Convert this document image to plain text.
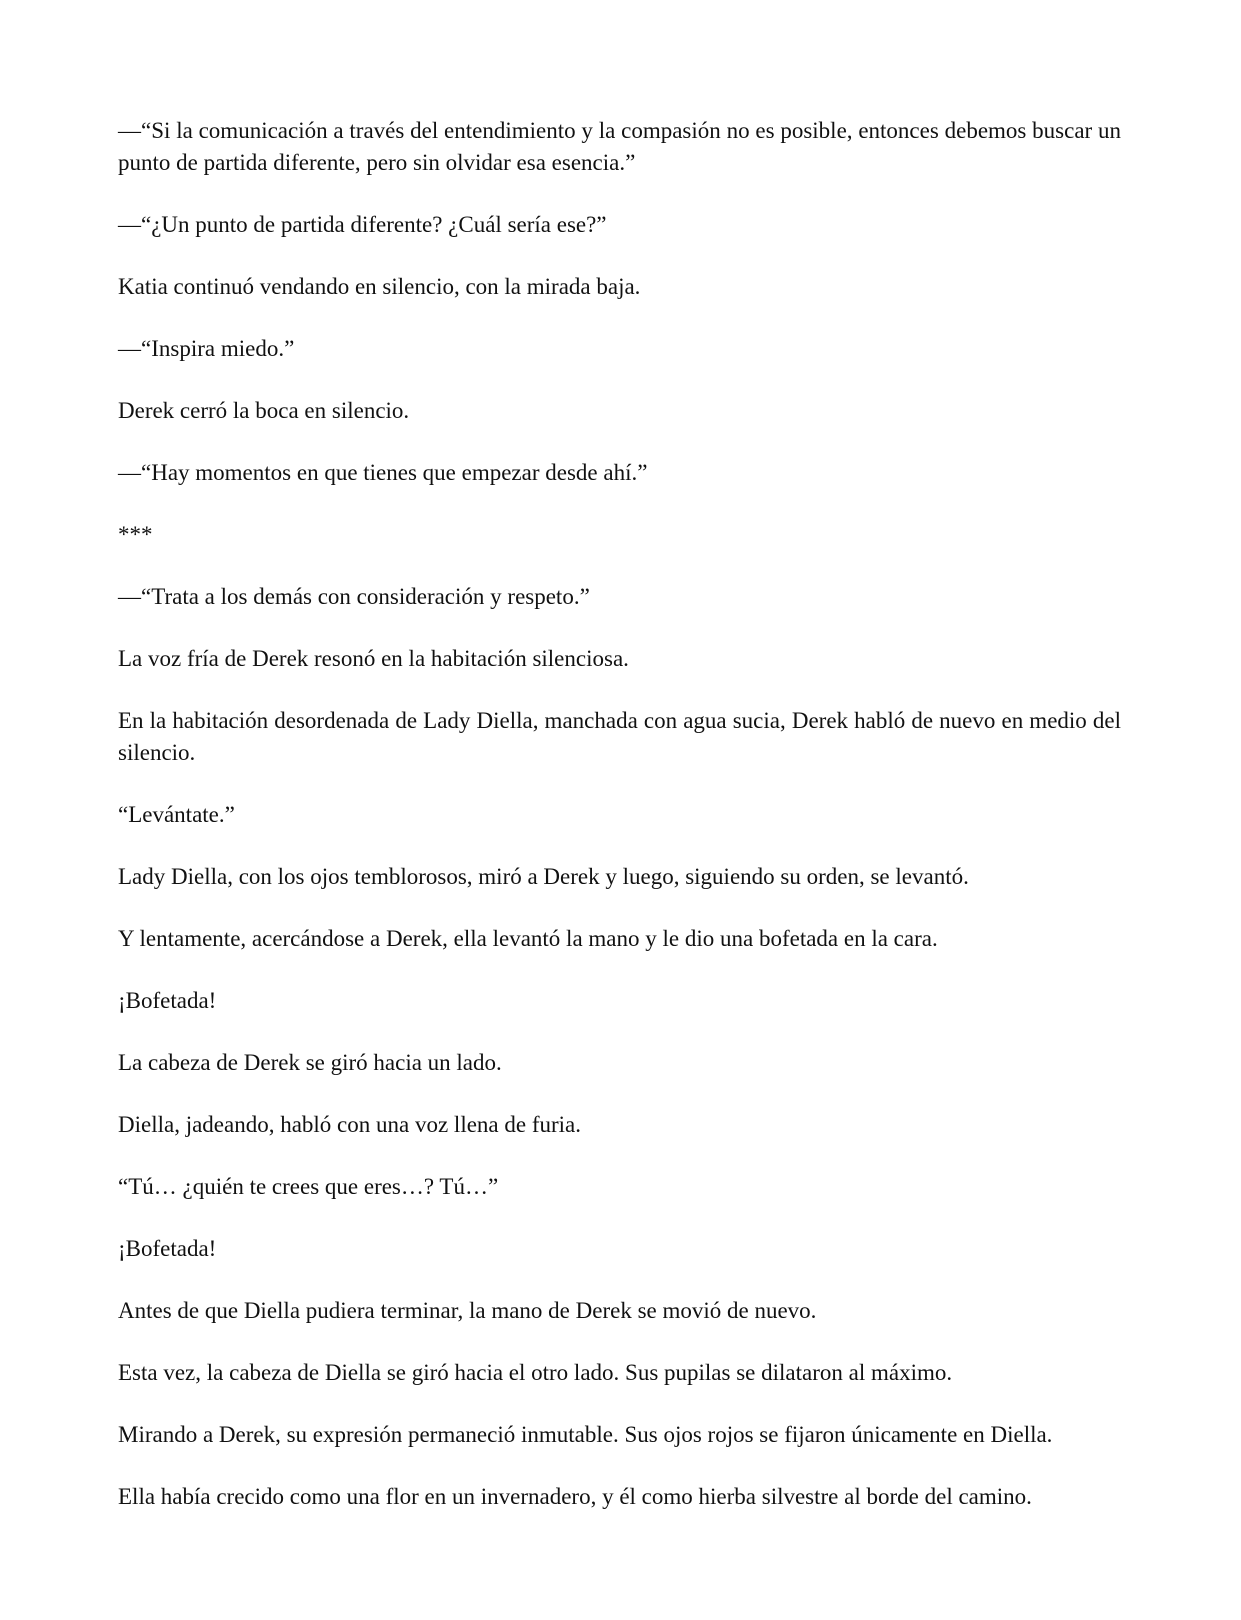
—“Si la comunicación a través del entendimiento y la compasión no es posible, entonces debemos buscar un punto de partida diferente, pero sin olvidar esa esencia.”

—“¿Un punto de partida diferente? ¿Cuál sería ese?”

Katia continuó vendando en silencio, con la mirada baja.

—“Inspira miedo.”

Derek cerró la boca en silencio.

—“Hay momentos en que tienes que empezar desde ahí.”

***

—“Trata a los demás con consideración y respeto.”

La voz fría de Derek resonó en la habitación silenciosa.

En la habitación desordenada de Lady Diella, manchada con agua sucia, Derek habló de nuevo en medio del silencio.

“Levántate.”

Lady Diella, con los ojos temblorosos, miró a Derek y luego, siguiendo su orden, se levantó.

Y lentamente, acercándose a Derek, ella levantó la mano y le dio una bofetada en la cara.

¡Bofetada!

La cabeza de Derek se giró hacia un lado.

Diella, jadeando, habló con una voz llena de furia.

“Tú… ¿quién te crees que eres…? Tú…”

¡Bofetada!

Antes de que Diella pudiera terminar, la mano de Derek se movió de nuevo.

Esta vez, la cabeza de Diella se giró hacia el otro lado. Sus pupilas se dilataron al máximo.

Mirando a Derek, su expresión permaneció inmutable. Sus ojos rojos se fijaron únicamente en Diella.

Ella había crecido como una flor en un invernadero, y él como hierba silvestre al borde del camino.
